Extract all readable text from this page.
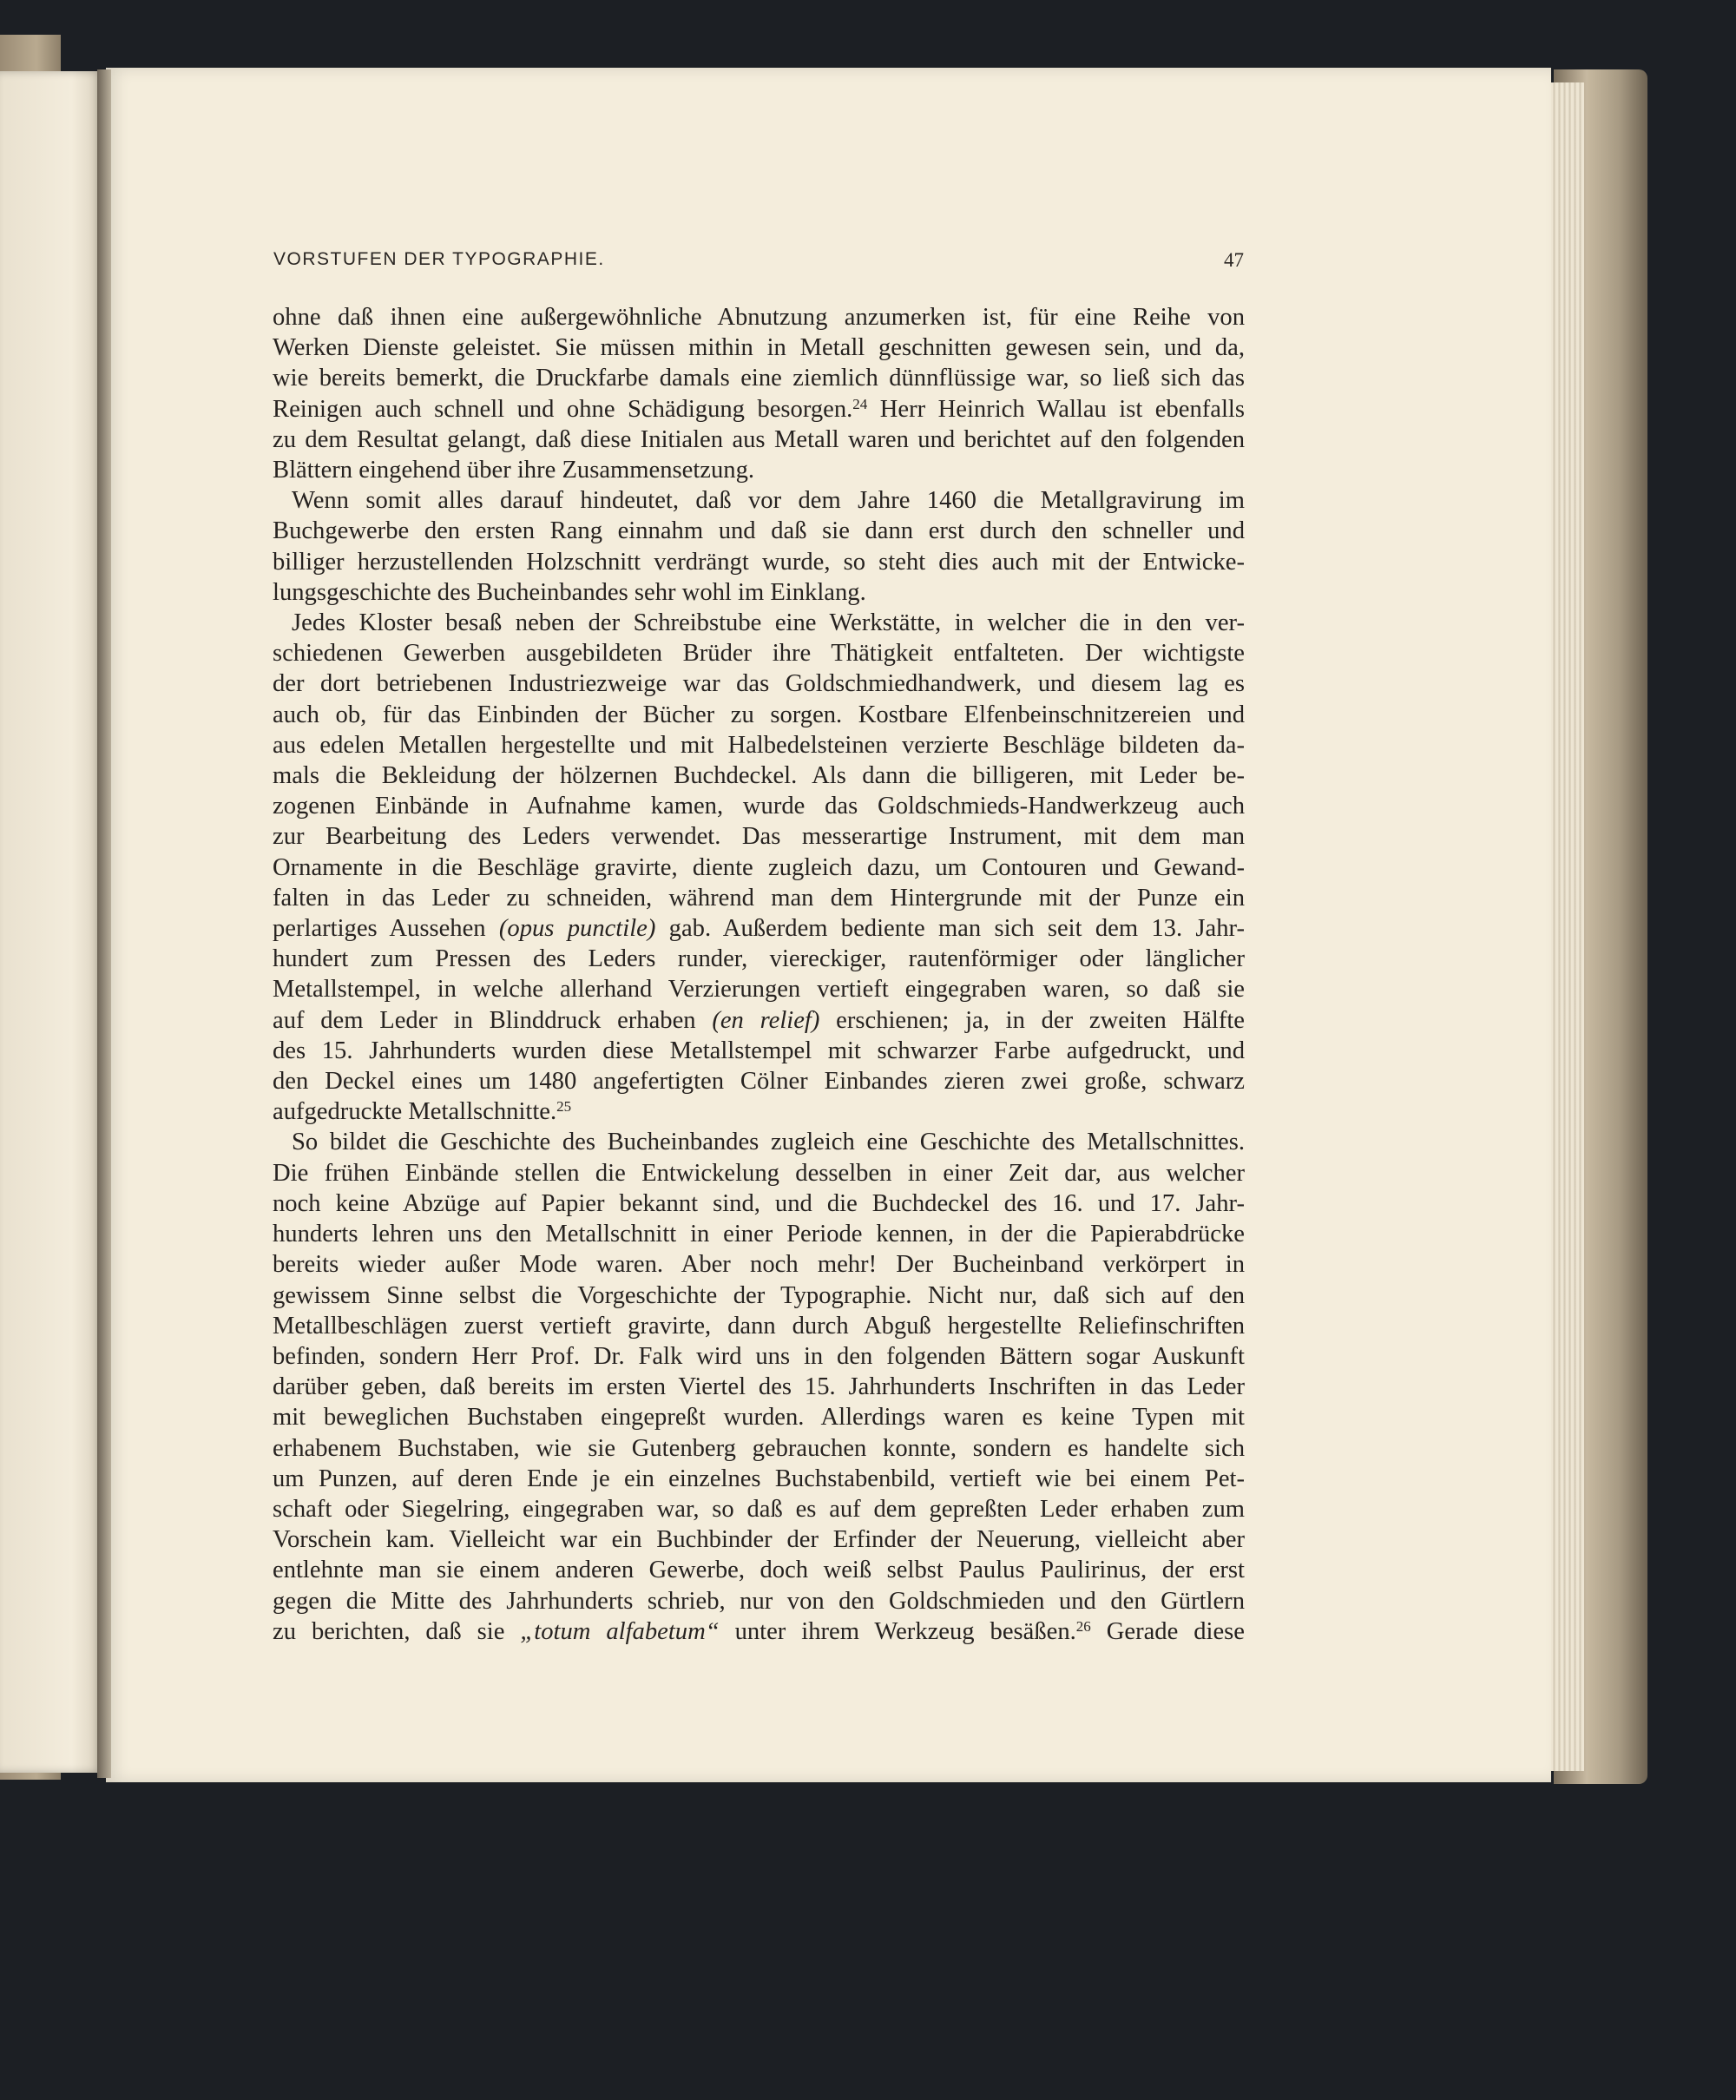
VORSTUFEN DER TYPOGRAPHIE.	47

ohne daß ihnen eine außergewöhnliche Abnutzung anzumerken ist, für eine Reihe von

Werken Dienste geleistet. Sie müssen mithin in Metall geschnitten gewesen sein, und da,

wie bereits bemerkt, die Druckfarbe damals eine ziemlich dünnflüssige war, so ließ sich das

Reinigen auch schnell und ohne Schädigung besorgen.$^{24}$ Herr Heinrich Wallau ist ebenfalls

zu dem Resultat gelangt, daß diese Initialen aus Metall waren und berichtet auf den folgenden

Blättern eingehend über ihre Zusammensetzung.

Wenn somit alles darauf hindeutet, daß vor dem Jahre 1460 die Metallgravirung im

Buchgewerbe den ersten Rang einnahm und daß sie dann erst durch den schneller und

billiger herzustellenden Holzschnitt verdrängt wurde, so steht dies auch mit der Entwicke-

lungsgeschichte des Bucheinbandes sehr wohl im Einklang.

Jedes Kloster besaß neben der Schreibstube eine Werkstätte, in welcher die in den ver-

schiedenen Gewerben ausgebildeten Brüder ihre Thätigkeit entfalteten. Der wichtigste

der dort betriebenen Industriezweige war das Goldschmiedhandwerk, und diesem lag es

auch ob, für das Einbinden der Bücher zu sorgen. Kostbare Elfenbeinschnitzereien und

aus edelen Metallen hergestellte und mit Halbedelsteinen verzierte Beschläge bildeten da-

mals die Bekleidung der hölzernen Buchdeckel. Als dann die billigeren, mit Leder be-

zogenen Einbände in Aufnahme kamen, wurde das Goldschmieds-Handwerkzeug auch

zur Bearbeitung des Leders verwendet. Das messerartige Instrument, mit dem man

Ornamente in die Beschläge gravirte, diente zugleich dazu, um Contouren und Gewand-

falten in das Leder zu schneiden, während man dem Hintergrunde mit der Punze ein

perlartiges Aussehen (opus punctile) gab. Außerdem bediente man sich seit dem 13. Jahr-

hundert zum Pressen des Leders runder, viereckiger, rautenförmiger oder länglicher

Metallstempel, in welche allerhand Verzierungen vertieft eingegraben waren, so daß sie

auf dem Leder in Blinddruck erhaben (en relief) erschienen; ja, in der zweiten Hälfte

des 15. Jahrhunderts wurden diese Metallstempel mit schwarzer Farbe aufgedruckt, und

den Deckel eines um 1480 angefertigten Cölner Einbandes zieren zwei große, schwarz

aufgedruckte Metallschnitte.$^{25}$

So bildet die Geschichte des Bucheinbandes zugleich eine Geschichte des Metallschnittes.

Die frühen Einbände stellen die Entwickelung desselben in einer Zeit dar, aus welcher

noch keine Abzüge auf Papier bekannt sind, und die Buchdeckel des 16. und 17. Jahr-

hunderts lehren uns den Metallschnitt in einer Periode kennen, in der die Papierabdrücke

bereits wieder außer Mode waren. Aber noch mehr! Der Bucheinband verkörpert in

gewissem Sinne selbst die Vorgeschichte der Typographie. Nicht nur, daß sich auf den

Metallbeschlägen zuerst vertieft gravirte, dann durch Abguß hergestellte Reliefinschriften

befinden, sondern Herr Prof. Dr. Falk wird uns in den folgenden Bättern sogar Auskunft

darüber geben, daß bereits im ersten Viertel des 15. Jahrhunderts Inschriften in das Leder

mit beweglichen Buchstaben eingepreßt wurden. Allerdings waren es keine Typen mit

erhabenem Buchstaben, wie sie Gutenberg gebrauchen konnte, sondern es handelte sich

um Punzen, auf deren Ende je ein einzelnes Buchstabenbild, vertieft wie bei einem Pet-

schaft oder Siegelring, eingegraben war, so daß es auf dem gepreßten Leder erhaben zum

Vorschein kam. Vielleicht war ein Buchbinder der Erfinder der Neuerung, vielleicht aber

entlehnte man sie einem anderen Gewerbe, doch weiß selbst Paulus Paulirinus, der erst

gegen die Mitte des Jahrhunderts schrieb, nur von den Goldschmieden und den Gürtlern

zu berichten, daß sie „totum alfabetum“ unter ihrem Werkzeug besäßen.$^{26}$ Gerade diese
